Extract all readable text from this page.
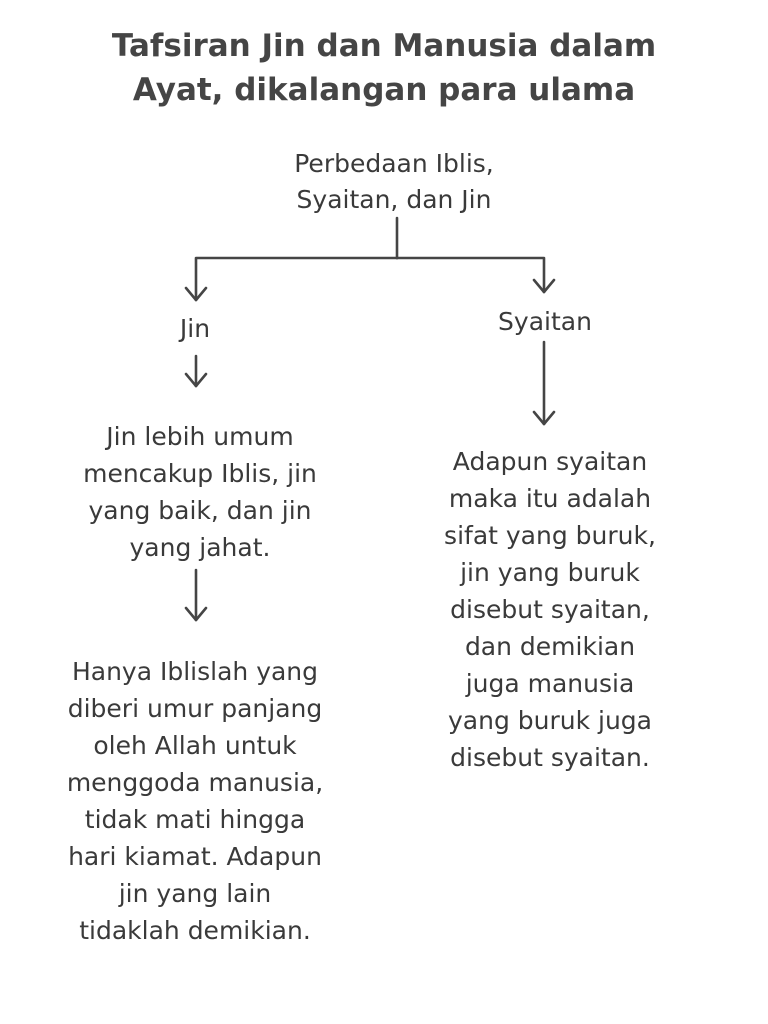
Tafsiran Jin dan Manusia dalam
Ayat, dikalangan para ulama
Perbedaan Iblis,
Syaitan, dan Jin
Jin	Syaitan
Jin lebih umum
mencakup Iblis, jin
yang baik, dan jin
yang jahat.
Adapun syaitan
maka itu adalah
sifat yang buruk,
jin yang buruk
disebut syaitan,
dan demikian
juga manusia
yang buruk juga
disebut syaitan.
Hanya Iblislah yang
diberi umur panjang
oleh Allah untuk
menggoda manusia,
tidak mati hingga
hari kiamat. Adapun
jin yang lain
tidaklah demikian.
